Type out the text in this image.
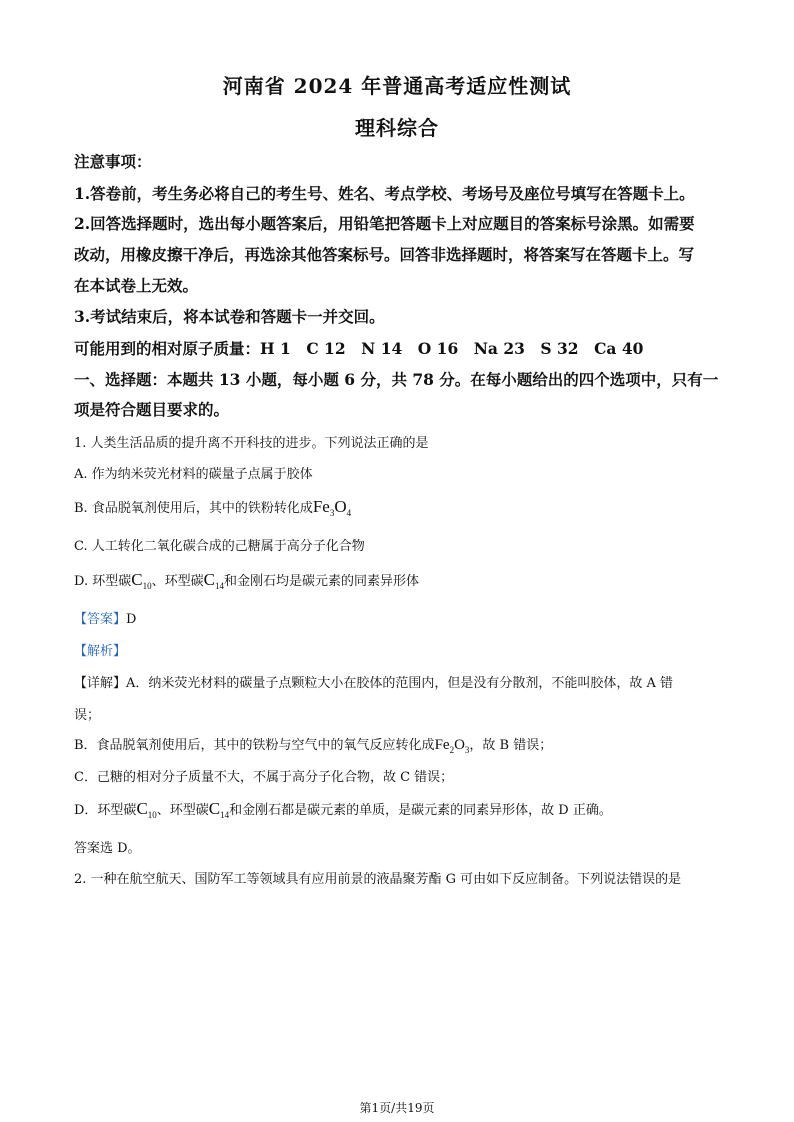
河南省 2024 年普通高考适应性测试
理科综合
注意事项：
1.答卷前，考生务必将自己的考生号、姓名、考点学校、考场号及座位号填写在答题卡上。
2.回答选择题时，选出每小题答案后，用铅笔把答题卡上对应题目的答案标号涂黑。如需要
改动，用橡皮擦干净后，再选涂其他答案标号。回答非选择题时，将答案写在答题卡上。写
在本试卷上无效。
3.考试结束后，将本试卷和答题卡一并交回。
可能用到的相对原子质量：H 1　C 12　N 14　O 16　Na 23　S 32　Ca 40
一、选择题：本题共 13 小题，每小题 6 分，共 78 分。在每小题给出的四个选项中，只有一
项是符合题目要求的。
1. 人类生活品质的提升离不开科技的进步。下列说法正确的是
A. 作为纳米荧光材料的碳量子点属于胶体
B. 食品脱氧剂使用后，其中的铁粉转化成$Fe_3O_4$
C. 人工转化二氧化碳合成的己糖属于高分子化合物
D. 环型碳$C_{10}$、环型碳$C_{14}$和金刚石均是碳元素的同素异形体
【答案】D
【解析】
【详解】A．纳米荧光材料的碳量子点颗粒大小在胶体的范围内，但是没有分散剂，不能叫胶体，故 A 错
误；
B．食品脱氧剂使用后，其中的铁粉与空气中的氧气反应转化成$Fe_2O_3$，故 B 错误；
C．己糖的相对分子质量不大，不属于高分子化合物，故 C 错误；
D．环型碳$C_{10}$、环型碳$C_{14}$和金刚石都是碳元素的单质，是碳元素的同素异形体，故 D 正确。
答案选 D。
2. 一种在航空航天、国防军工等领域具有应用前景的液晶聚芳酯 G 可由如下反应制备。下列说法错误的是
第1页/共19页
